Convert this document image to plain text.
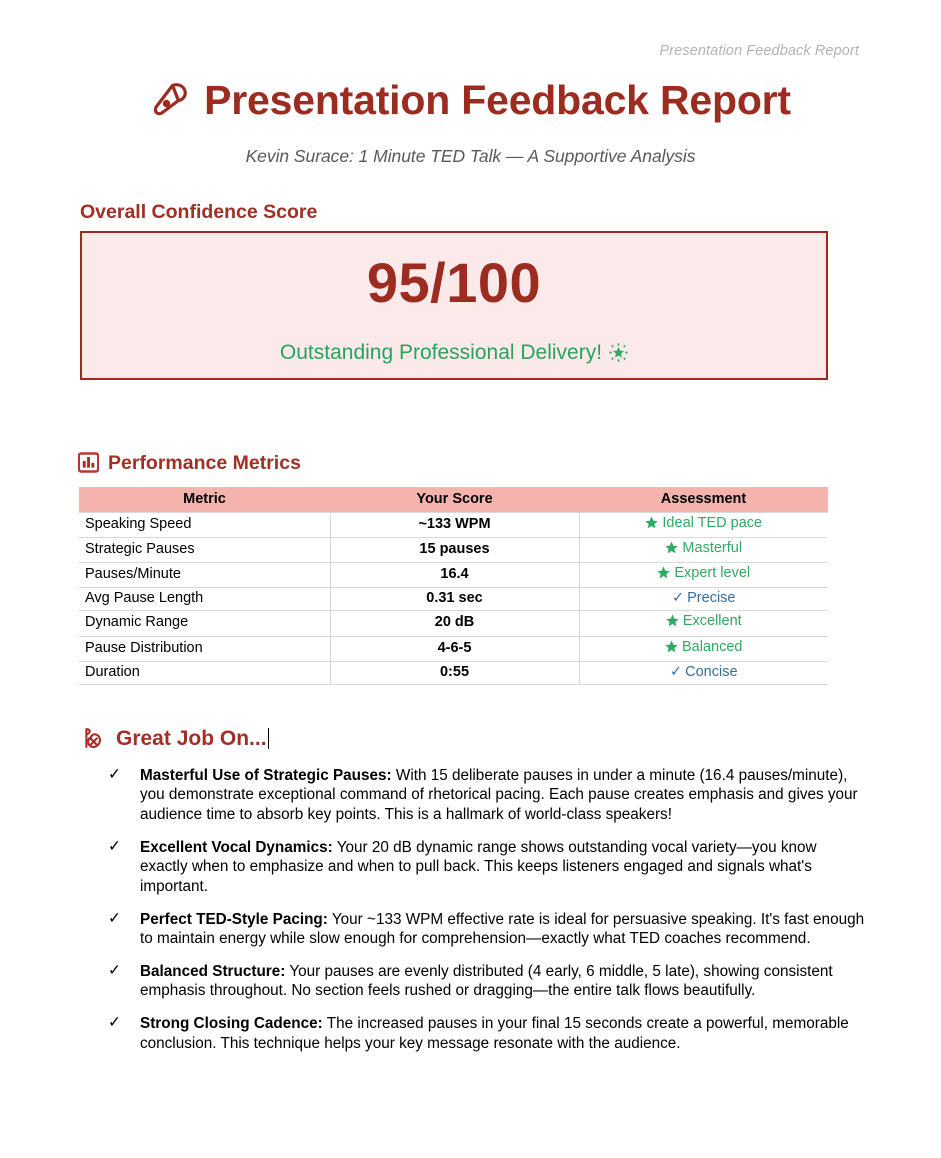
Presentation Feedback Report
Presentation Feedback Report
Kevin Surace: 1 Minute TED Talk — A Supportive Analysis
Overall Confidence Score
95/100
Outstanding Professional Delivery!
Performance Metrics
Metric	Your Score	Assessment
Speaking Speed	~133 WPM	Ideal TED pace
Strategic Pauses	15 pauses	Masterful
Pauses/Minute	16.4	Expert level
Avg Pause Length	0.31 sec	✓ Precise
Dynamic Range	20 dB	Excellent
Pause Distribution	4-6-5	Balanced
Duration	0:55	✓ Concise
Great Job On...
✓ Masterful Use of Strategic Pauses: With 15 deliberate pauses in under a minute (16.4 pauses/minute), you demonstrate exceptional command of rhetorical pacing. Each pause creates emphasis and gives your audience time to absorb key points. This is a hallmark of world-class speakers!
✓ Excellent Vocal Dynamics: Your 20 dB dynamic range shows outstanding vocal variety—you know exactly when to emphasize and when to pull back. This keeps listeners engaged and signals what's important.
✓ Perfect TED-Style Pacing: Your ~133 WPM effective rate is ideal for persuasive speaking. It's fast enough to maintain energy while slow enough for comprehension—exactly what TED coaches recommend.
✓ Balanced Structure: Your pauses are evenly distributed (4 early, 6 middle, 5 late), showing consistent emphasis throughout. No section feels rushed or dragging—the entire talk flows beautifully.
✓ Strong Closing Cadence: The increased pauses in your final 15 seconds create a powerful, memorable conclusion. This technique helps your key message resonate with the audience.
